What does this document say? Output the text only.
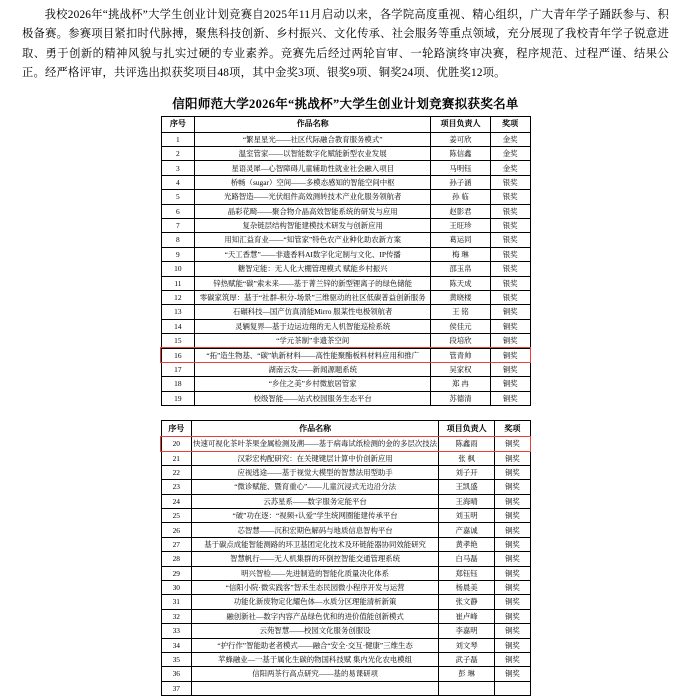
我校2026年“挑战杯”大学生创业计划竞赛自2025年11月启动以来，各学院高度重视、精心组织，广大青年学子踊跃参与、积极备赛。参赛项目紧扣时代脉搏，聚焦科技创新、乡村振兴、文化传承、社会服务等重点领域，充分展现了我校青年学子锐意进取、勇于创新的精神风貌与扎实过硬的专业素养。竞赛先后经过两轮盲审、一轮路演终审决赛，程序规范、过程严谨、结果公正。经严格评审，共评选出拟获奖项目48项，其中金奖3项、银奖9项、铜奖24项、优胜奖12项。

信阳师范大学2026年“挑战杯”大学生创业计划竞赛拟获奖名单
序号	作品名称	项目负责人	奖项
1	“繁星星光——社区代际融合教育服务模式”	姜可欣	金奖
2	温室管家——以智能数字化赋能新型农业发展	陈信鑫	金奖
3	星语灵犀—心智障碍儿童辅助性就业社会融入项目	马明钰	金奖
4	桥畅（sugar）空间——多模态感知的智能空间中枢	孙子涵	银奖
5	光路智造——光伏组件高效测转技术产业化服务领航者	孙 临	银奖
6	晶彩花畸——聚合物介晶高效智能系统的研发与应用	赵影君	银奖
7	复杂链层结构智能建模技术研发与创新应用	王旺珍	银奖
8	用知汇益育业——“知管家”特色农产业种化助农新方案	葛运同	银奖
9	“天工香慧”——非遗香料AI数字化定制与文化、IP传播	梅 琳	银奖
10	糖智定能：无人化大棚管理模式 赋能乡村振兴	邵玉帛	银奖
11	锌热赋能“碳”索未来——基于菁兰锌的新型锂离子的绿色储能	陈天成	银奖
12	零碳家筑厚：基于“社群-积分-场景”三维驱动的社区低碳普益创新服务	黄晓楼	银奖
13	石碾科技—国产仿真清能Mirro 服某性电极领航者	王 铭	铜奖
14	灵辆复界—基于边运边翔的无人机智能巡检系统	侯佳元	铜奖
15	“学元茶制”非遗茶空间	段培欣	铜奖
16	“拓”造生物基、“碳”轨新材料——高性能聚酯板料材料应用和推广	管青帅	铜奖
17	湖南云发——新闻源题系统	吴家权	铜奖
18	“乡住之美”乡村微旅居管家	郑 冉	铜奖
19	校级智能——站式校园服务生态平台	苏德清	铜奖
序号	作品名称	项目负责人	奖项
20	快速可视化茶叶茶果金属检测及溯——基于病毒试纸检测的金的多层次技法	陈鑫雨	铜奖
21	汉彩宏构配研究：在关键键层计算中价创新应用	张 枫	铜奖
22	应视逃途——基于视觉大模型的智慧法用型助手	刘子开	铜奖
23	“微诊赋能、暨育重心”——儿童沉浸式无边沿分法	王凯盛	铜奖
24	云苏星系——数字服务定能平台	王海晴	铜奖
25	“破”功在逐：“视频+认爱”学生统网圈能建传承平台	刘玉明	铜奖
26	芯智慧——沉积宏期色解码与地质信息智构平台	产嘉诚	铜奖
27	基于碳点成能智能测路的环卫基团定化技术及环链能器协同效能研究	黄孝艳	铜奖
28	智慧帆行——无人机集群的环倒控智能交通管理系统	白马磊	铜奖
29	明兴智检——先进制造的智能化质量决化体系	郑钰钰	铜奖
30	“信阳小院·微实践客”智禾生态民园微小程序开发与运营	杨晨美	铜奖
31	功能化新废物定化耀色体—水质分区理能清析新策	张文静	铜奖
32	融创新社—数字内容产品绿色优和的进价值能创新模式	崔卢峰	铜奖
33	云苑智慧——校园文化服务创服设	李嘉明	铜奖
34	“护行作”智能助老者模式——融合“安全·交互·健康”三维生态	刘文琴	铜奖
35	苹蜂融业—一基于属化生碳的物国科技赋 集内光化农电模组	武子磊	铜奖
36	信阳两茶行高点研究——基的易课研项	彭 琳	铜奖
37			
